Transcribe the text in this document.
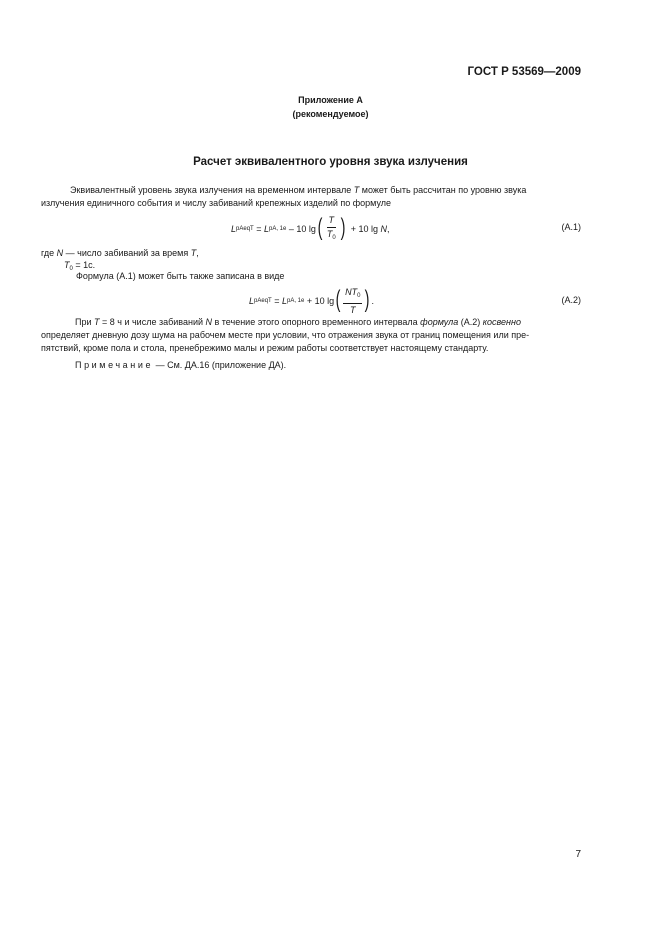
ГОСТ Р 53569—2009
Приложение А
(рекомендуемое)
Расчет эквивалентного уровня звука излучения
Эквивалентный уровень звука излучения на временном интервале T может быть рассчитан по уровню звука
излучения единичного события и числу забиваний крепежных изделий по формуле
L pAeqT = L pA, 1e – 10 lg ( $\frac{T}{T_0}$ ) + 10 lg N ,	(A.1)
где N — число забиваний за время T,
$T_0 = 1с$.
Формула (А.1) может быть также записана в виде
L pAeqT = L pA, 1e + 10 lg ( $\frac{NT_0}{T}$ ) .	(A.2)
При T = 8 ч и числе забиваний N в течение этого опорного временного интервала формула (А.2) косвенно
определяет дневную дозу шума на рабочем месте при условии, что отражения звука от границ помещения или пре-
пятствий, кроме пола и стола, пренебрежимо малы и режим работы соответствует настоящему стандарту.
Примечание — См. ДА.16 (приложение ДА).
7
